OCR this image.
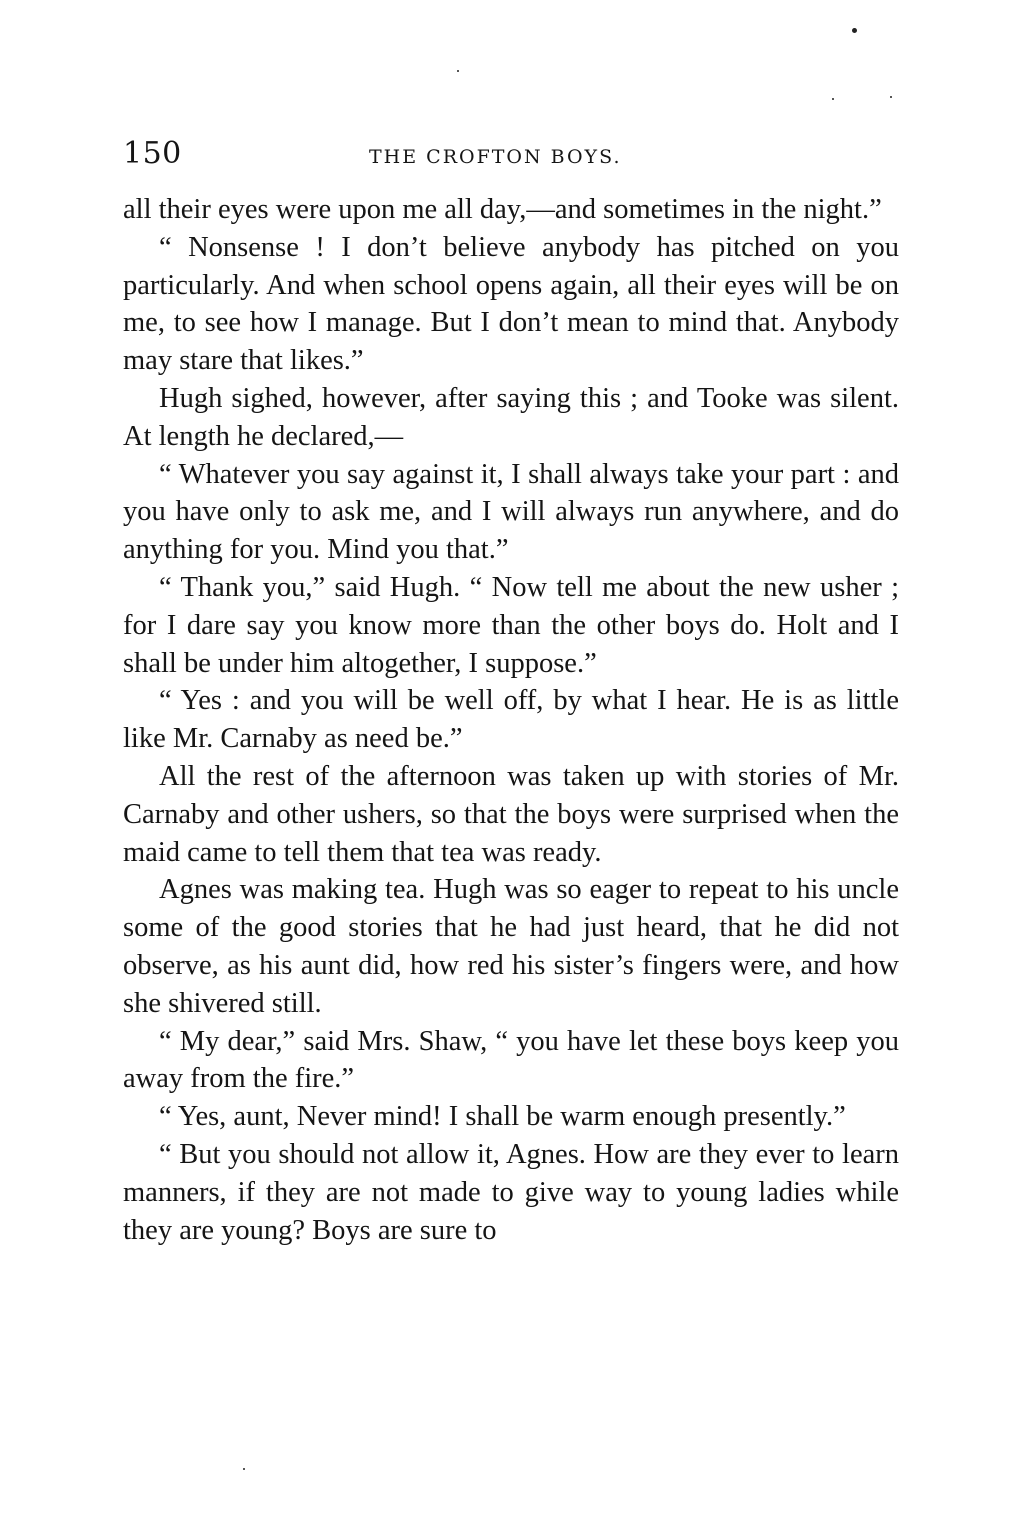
150	THE CROFTON BOYS.

all their eyes were upon me all day,—and sometimes in the night.”

“ Nonsense ! I don’t believe anybody has pitched on you particularly. And when school opens again, all their eyes will be on me, to see how I manage. But I don’t mean to mind that. Anybody may stare that likes.”

Hugh sighed, however, after saying this ; and Tooke was silent. At length he declared,—

“ Whatever you say against it, I shall always take your part : and you have only to ask me, and I will always run anywhere, and do anything for you. Mind you that.”

“ Thank you,” said Hugh. “ Now tell me about the new usher ; for I dare say you know more than the other boys do. Holt and I shall be under him altogether, I suppose.”

“ Yes : and you will be well off, by what I hear. He is as little like Mr. Carnaby as need be.”

All the rest of the afternoon was taken up with stories of Mr. Carnaby and other ushers, so that the boys were surprised when the maid came to tell them that tea was ready.

Agnes was making tea. Hugh was so eager to repeat to his uncle some of the good stories that he had just heard, that he did not observe, as his aunt did, how red his sister’s fingers were, and how she shivered still.

“ My dear,” said Mrs. Shaw, “ you have let these boys keep you away from the fire.”

“ Yes, aunt, Never mind! I shall be warm enough presently.”

“ But you should not allow it, Agnes. How are they ever to learn manners, if they are not made to give way to young ladies while they are young? Boys are sure to
